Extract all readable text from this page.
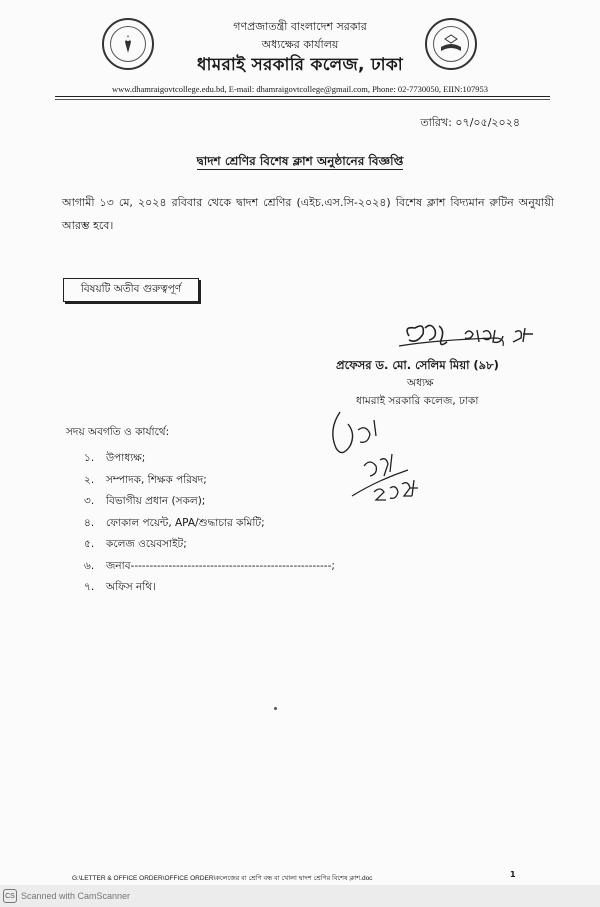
গণপ্রজাতন্ত্রী বাংলাদেশ সরকার
অধ্যক্ষের কার্যালয়
ধামরাই সরকারি কলেজ, ঢাকা
www.dhamraigovtcollege.edu.bd, E-mail: dhamraigovtcollege@gmail.com, Phone: 02-7730050, EIIN:107953
তারিখ: ০৭/০৫/২০২৪
দ্বাদশ শ্রেণির বিশেষ ক্লাশ অনুষ্ঠানের বিজ্ঞপ্তি
আগামী ১৩ মে, ২০২৪ রবিবার থেকে দ্বাদশ শ্রেণির (এইচ.এস.সি-২০২৪) বিশেষ ক্লাশ বিদ্যমান রুটিন অনুযায়ী আরম্ভ হবে।
বিষয়টি অতীব গুরুত্বপূর্ণ
প্রফেসর ড. মো. সেলিম মিয়া (৯৮)
অধ্যক্ষ
ধামরাই সরকারি কলেজ, ঢাকা
সদয় অবগতি ও কার্যার্থে:
১. উপাধ্যক্ষ;
২. সম্পাদক, শিক্ষক পরিষদ;
৩. বিভাগীয় প্রধান (সকল);
৪. ফোকাল পয়েন্ট, APA/শুদ্ধাচার কমিটি;
৫. কলেজ ওয়েবসাইট;
৬. জনাব-----------------------------------------------------;
৭. অফিস নথি।
G:\LETTER & OFFICE ORDER\OFFICE ORDER\কলেজের বা শ্রেণি বন্ধ বা খোলা দ্বাদশ শ্রেণির বিশেষ ক্লাশ.doc	1
CS Scanned with CamScanner
